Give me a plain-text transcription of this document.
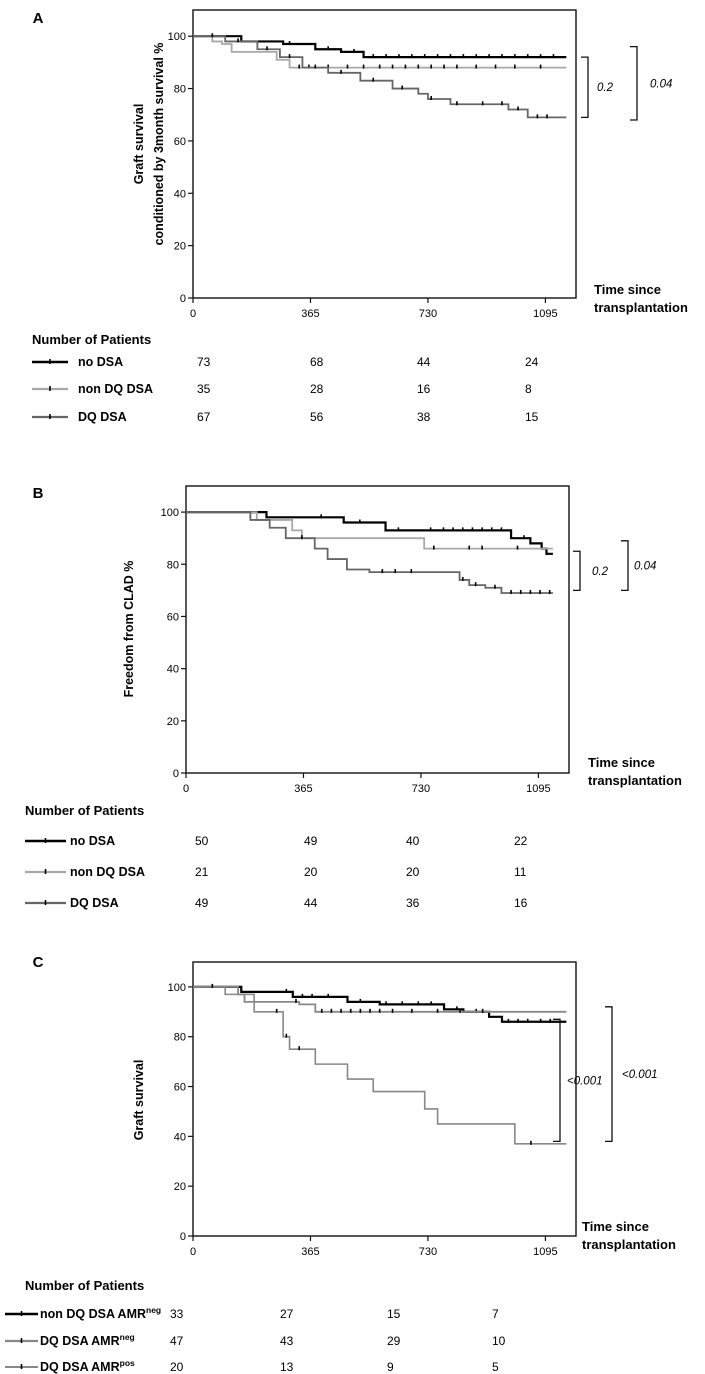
A
0
20
40
60
80
100
0	365	730	1095
Graft survival conditioned by 3month survival %
Time since
transplantation
0.2	0.04
Number of Patients
no DSA	73	68	44	24
non DQ DSA	35	28	16	8
DQ DSA	67	56	38	15
B
0
20
40
60
80
100
0	365	730	1095
Freedom from CLAD %
Time since
transplantation
0.2 0.04
Number of Patients
no DSA	50	49	40	22
non DQ DSA	21	20	20	11
DQ DSA	49	44	36	16
C
0
20
40
60
80
100
0	365	730	1095
Graft survival
Time since
transplantation
<0.001
<0.001
Number of Patients
non DQ DSA $AMR^{neg}$ 33	27	15	7
DQ DSA $AMR^{neg}$	47	43	29	10
DQ DSA $AMR^{pos}$	20	13	9	5
